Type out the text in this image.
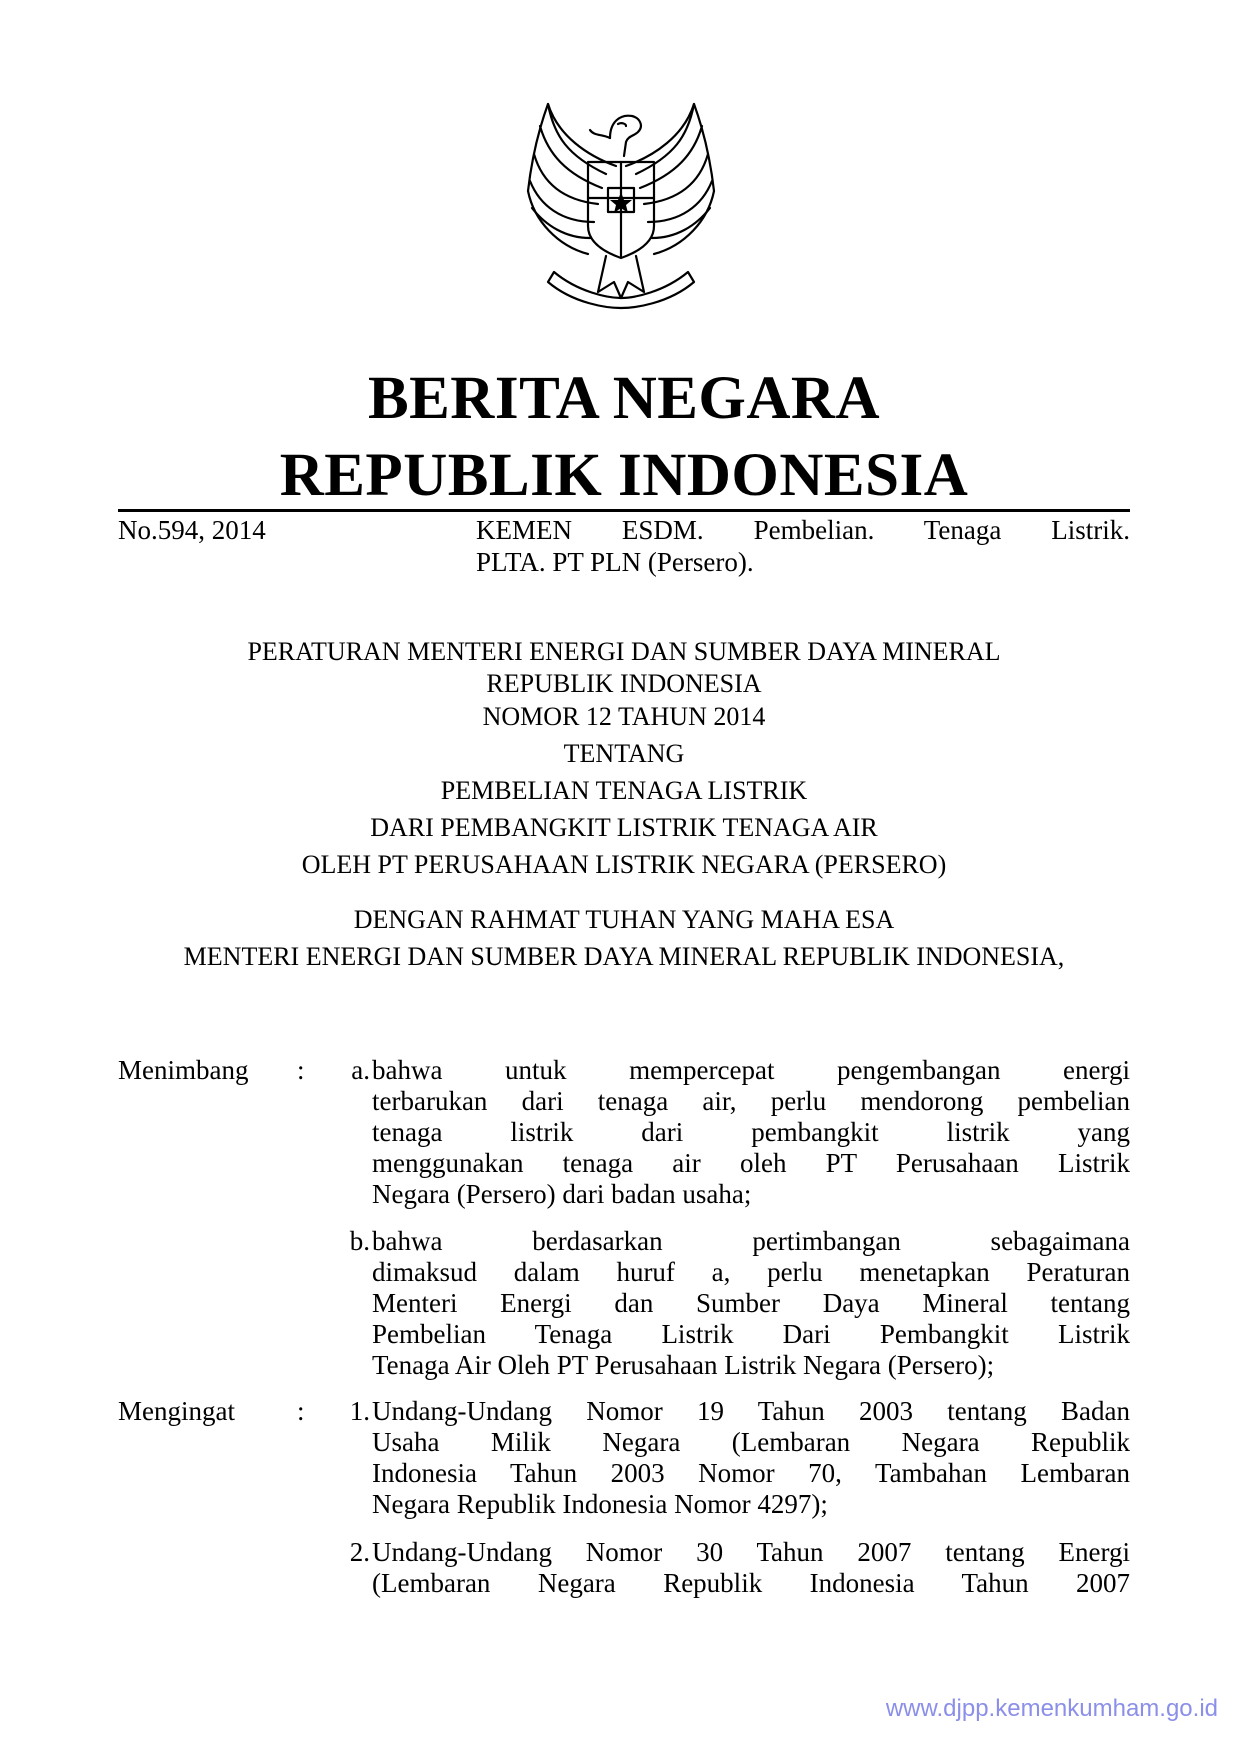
BERITA NEGARA
REPUBLIK INDONESIA
No.594, 2014	KEMEN ESDM. Pembelian. Tenaga Listrik.
PLTA. PT PLN (Persero).
PERATURAN MENTERI ENERGI DAN SUMBER DAYA MINERAL
REPUBLIK INDONESIA
NOMOR 12 TAHUN 2014
TENTANG
PEMBELIAN TENAGA LISTRIK
DARI PEMBANGKIT LISTRIK TENAGA AIR
OLEH PT PERUSAHAAN LISTRIK NEGARA (PERSERO)
DENGAN RAHMAT TUHAN YANG MAHA ESA
MENTERI ENERGI DAN SUMBER DAYA MINERAL REPUBLIK INDONESIA,
Menimbang :	a. bahwa untuk mempercepat pengembangan energi
terbarukan dari tenaga air, perlu mendorong pembelian
tenaga listrik dari pembangkit listrik yang
menggunakan tenaga air oleh PT Perusahaan Listrik
Negara (Persero) dari badan usaha;
b. bahwa berdasarkan pertimbangan sebagaimana
dimaksud dalam huruf a, perlu menetapkan Peraturan
Menteri Energi dan Sumber Daya Mineral tentang
Pembelian Tenaga Listrik Dari Pembangkit Listrik
Tenaga Air Oleh PT Perusahaan Listrik Negara (Persero);
Mengingat :	1. Undang-Undang Nomor 19 Tahun 2003 tentang Badan
Usaha Milik Negara (Lembaran Negara Republik
Indonesia Tahun 2003 Nomor 70, Tambahan Lembaran
Negara Republik Indonesia Nomor 4297);
2. Undang-Undang Nomor 30 Tahun 2007 tentang Energi
(Lembaran Negara Republik Indonesia Tahun 2007
www.djpp.kemenkumham.go.id
